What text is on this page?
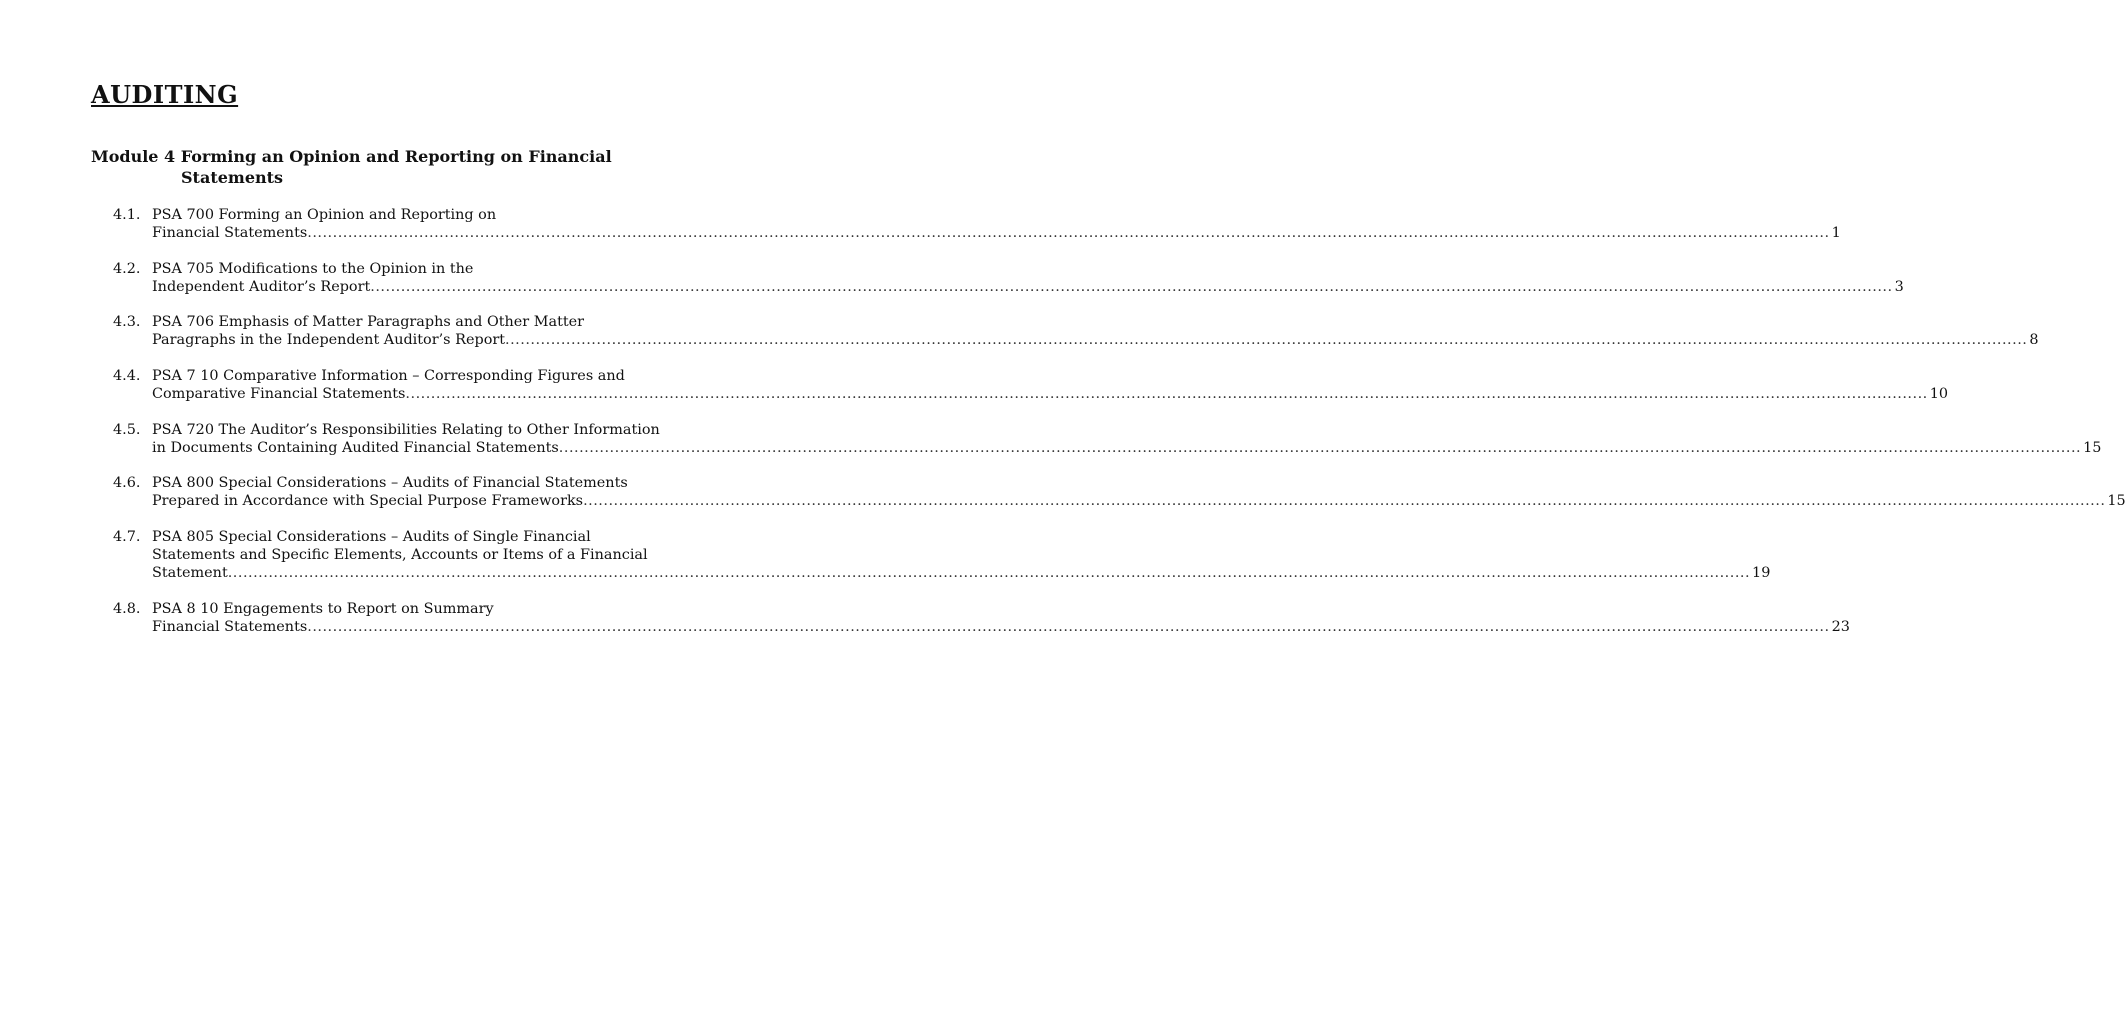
AUDITING
Module 4 Forming an Opinion and Reporting on Financial
Statements
4.1. PSA 700 Forming an Opinion and Reporting on
Financial Statements ............................................................................................................................................................................................................................................................................................................ 1
4.2. PSA 705 Modifications to the Opinion in the
Independent Auditor’s Report ............................................................................................................................................................................................................................................................................................................ 3
4.3. PSA 706 Emphasis of Matter Paragraphs and Other Matter
Paragraphs in the Independent Auditor’s Report ............................................................................................................................................................................................................................................................................................................ 8
4.4. PSA 7 10 Comparative Information – Corresponding Figures and
Comparative Financial Statements ............................................................................................................................................................................................................................................................................................................ 10
4.5. PSA 720 The Auditor’s Responsibilities Relating to Other Information
in Documents Containing Audited Financial Statements ............................................................................................................................................................................................................................................................................................................ 15
4.6. PSA 800 Special Considerations – Audits of Financial Statements
Prepared in Accordance with Special Purpose Frameworks ............................................................................................................................................................................................................................................................................................................ 15
4.7. PSA 805 Special Considerations – Audits of Single Financial
Statements and Specific Elements, Accounts or Items of a Financial
Statement ............................................................................................................................................................................................................................................................................................................ 19
4.8. PSA 8 10 Engagements to Report on Summary
Financial Statements ............................................................................................................................................................................................................................................................................................................ 23
